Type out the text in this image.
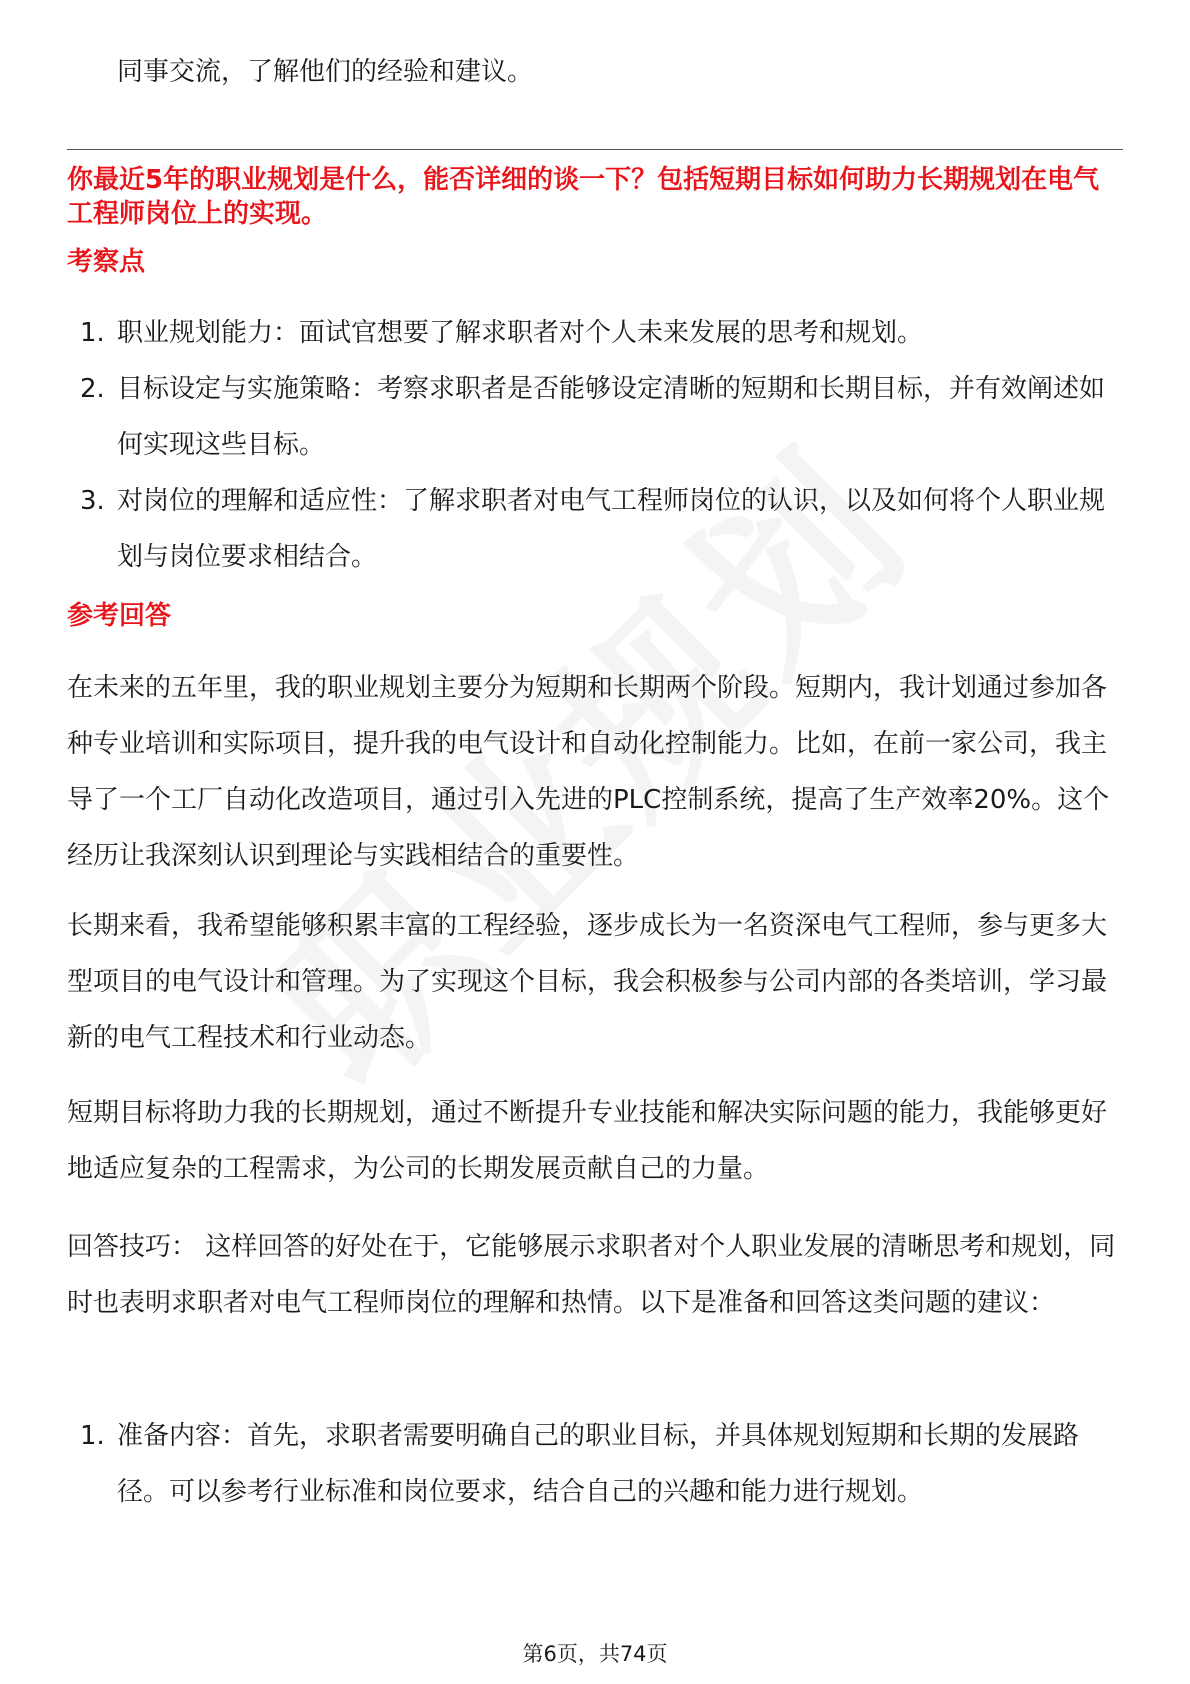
同事交流，了解他们的经验和建议。
你最近5年的职业规划是什么，能否详细的谈一下？包括短期目标如何助力长期规划在电气工程师岗位上的实现。
考察点
1. 职业规划能力：面试官想要了解求职者对个人未来发展的思考和规划。
2. 目标设定与实施策略：考察求职者是否能够设定清晰的短期和长期目标，并有效阐述如何实现这些目标。
3. 对岗位的理解和适应性：了解求职者对电气工程师岗位的认识，以及如何将个人职业规划与岗位要求相结合。
参考回答

在未来的五年里，我的职业规划主要分为短期和长期两个阶段。短期内，我计划通过参加各种专业培训和实际项目，提升我的电气设计和自动化控制能力。比如，在前一家公司，我主导了一个工厂自动化改造项目，通过引入先进的PLC控制系统，提高了生产效率20%。这个经历让我深刻认识到理论与实践相结合的重要性。

长期来看，我希望能够积累丰富的工程经验，逐步成长为一名资深电气工程师，参与更多大型项目的电气设计和管理。为了实现这个目标，我会积极参与公司内部的各类培训，学习最新的电气工程技术和行业动态。

短期目标将助力我的长期规划，通过不断提升专业技能和解决实际问题的能力，我能够更好地适应复杂的工程需求，为公司的长期发展贡献自己的力量。

回答技巧： 这样回答的好处在于，它能够展示求职者对个人职业发展的清晰思考和规划，同时也表明求职者对电气工程师岗位的理解和热情。以下是准备和回答这类问题的建议：

1. 准备内容：首先，求职者需要明确自己的职业目标，并具体规划短期和长期的发展路径。可以参考行业标准和岗位要求，结合自己的兴趣和能力进行规划。
第6页，共74页
